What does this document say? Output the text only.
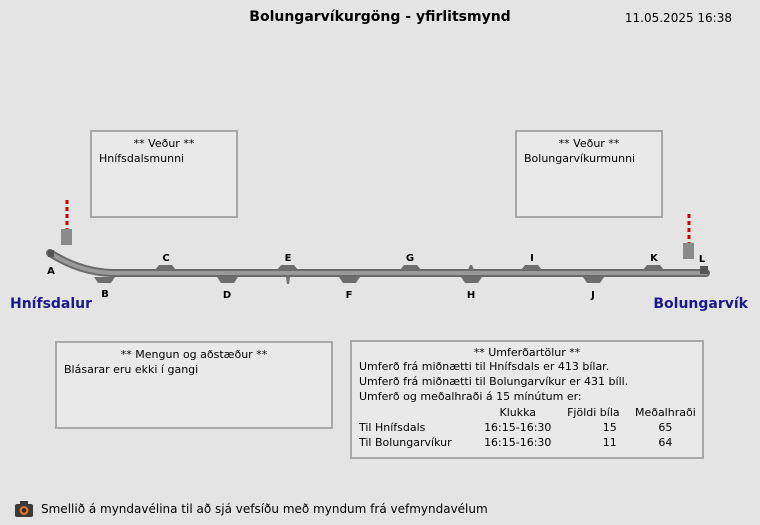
Bolungarvíkurgöng - yfirlitsmynd	11.05.2025 16:38
** Veður **
Hnífsdalsmunni
** Veður **
Bolungarvíkurmunni
A
C	E	G	I	K	L
B	D	F	H	J
Hnífsdalur	Bolungarvík
** Mengun og aðstæður **
Blásarar eru ekki í gangi
** Umferðartölur **
Umferð frá miðnætti til Hnífsdals er 413 bílar.
Umferð frá miðnætti til Bolungarvíkur er 431 bíll.
Umferð og meðalhraði á 15 mínútum er:
	Klukka	Fjöldi bíla	Meðalhraði
Til Hnífsdals	16:15-16:30	15	65
Til Bolungarvíkur	16:15-16:30	11	64
Smellið á myndavélina til að sjá vefsíðu með myndum frá vefmyndavélum
